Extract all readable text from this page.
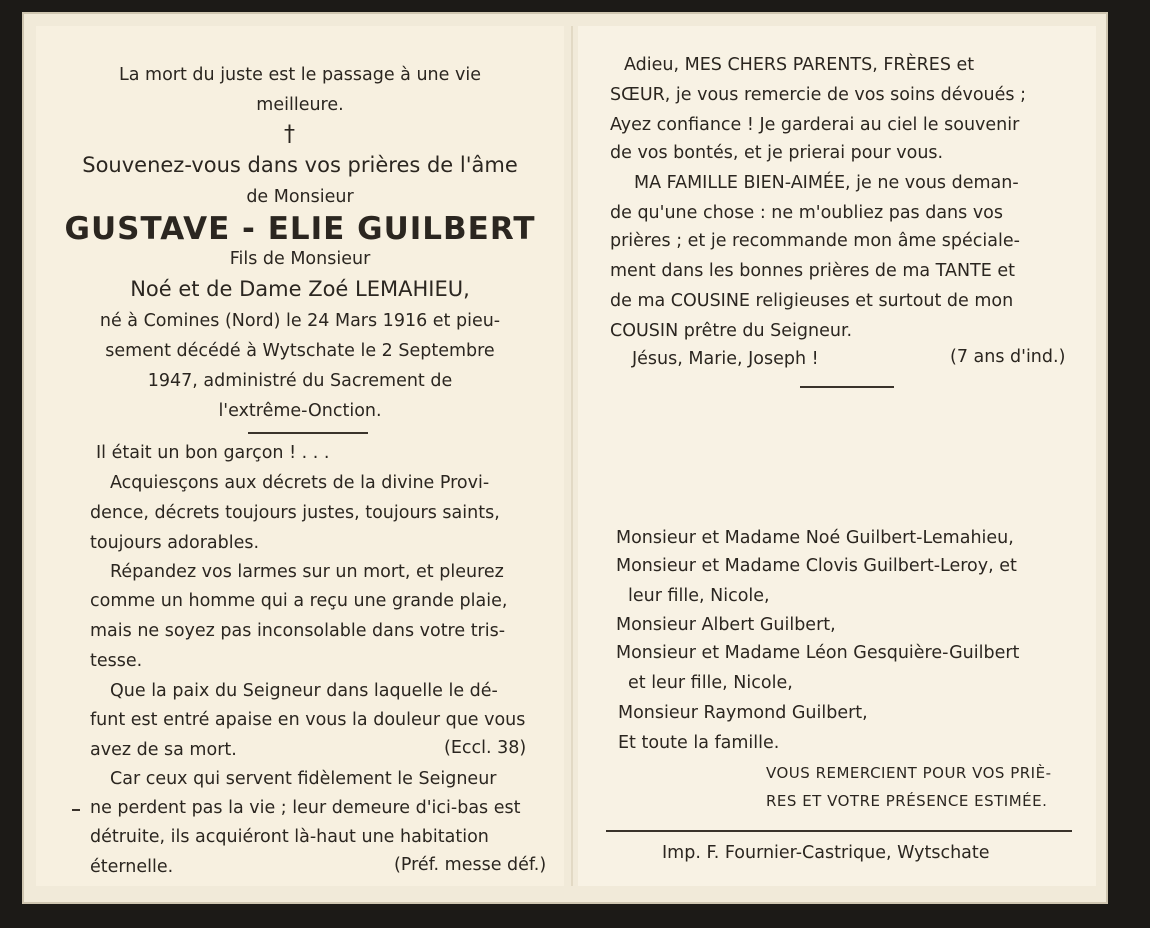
La mort du juste est le passage à une vie
meilleure.
†
Souvenez-vous dans vos prières de l'âme
de Monsieur
GUSTAVE - ELIE GUILBERT
Fils de Monsieur
Noé et de Dame Zoé LEMAHIEU,
né à Comines (Nord) le 24 Mars 1916 et pieu-
sement décédé à Wytschate le 2 Septembre
1947, administré du Sacrement de
l'extrême-Onction.
Il était un bon garçon ! . . .
Acquiesçons aux décrets de la divine Provi-
dence, décrets toujours justes, toujours saints,
toujours adorables.
Répandez vos larmes sur un mort, et pleurez
comme un homme qui a reçu une grande plaie,
mais ne soyez pas inconsolable dans votre tris-
tesse.
Que la paix du Seigneur dans laquelle le dé-
funt est entré apaise en vous la douleur que vous
avez de sa mort.	(Eccl. 38)
Car ceux qui servent fidèlement le Seigneur
ne perdent pas la vie ; leur demeure d'ici-bas est
détruite, ils acquiéront là-haut une habitation
éternelle.	(Préf. messe déf.)
Adieu, MES CHERS PARENTS, FRÈRES et
SŒUR, je vous remercie de vos soins dévoués ;
Ayez confiance ! Je garderai au ciel le souvenir
de vos bontés, et je prierai pour vous.
MA FAMILLE BIEN-AIMÉE, je ne vous deman-
de qu'une chose : ne m'oubliez pas dans vos
prières ; et je recommande mon âme spéciale-
ment dans les bonnes prières de ma TANTE et
de ma COUSINE religieuses et surtout de mon
COUSIN prêtre du Seigneur.
Jésus, Marie, Joseph !	(7 ans d'ind.)
Monsieur et Madame Noé Guilbert-Lemahieu,
Monsieur et Madame Clovis Guilbert-Leroy, et
leur fille, Nicole,
Monsieur Albert Guilbert,
Monsieur et Madame Léon Gesquière-Guilbert
et leur fille, Nicole,
Monsieur Raymond Guilbert,
Et toute la famille.
VOUS REMERCIENT POUR VOS PRIÈ-
RES ET VOTRE PRÉSENCE ESTIMÉE.
Imp. F. Fournier-Castrique, Wytschate
